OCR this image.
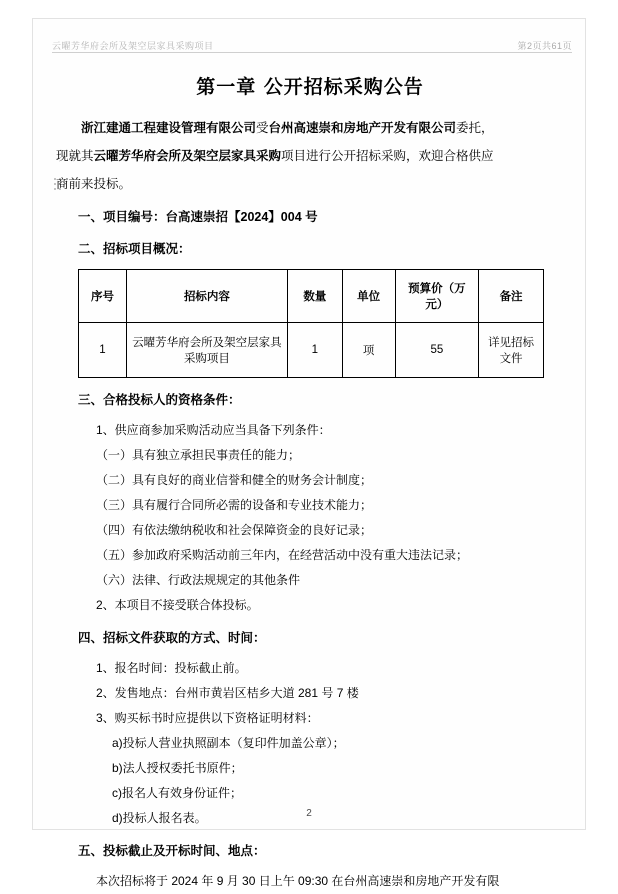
云曜芳华府会所及架空层家具采购项目	第2页共61页
第一章 公开招标采购公告

浙江建通工程建设管理有限公司受台州高速崇和房地产开发有限公司委托，

现就其云曜芳华府会所及架空层家具采购项目进行公开招标采购，欢迎合格供应

商前来投标。

一、项目编号：台高速崇招【2024】004 号
二、招标项目概况：
序号	招标内容	数量	单位	预算价（万元）	备注
1	云曜芳华府会所及架空层家具采购项目	1	项	55	详见招标文件
三、合格投标人的资格条件：

1、供应商参加采购活动应当具备下列条件：

（一）具有独立承担民事责任的能力；

（二）具有良好的商业信誉和健全的财务会计制度；

（三）具有履行合同所必需的设备和专业技术能力；

（四）有依法缴纳税收和社会保障资金的良好记录；

（五）参加政府采购活动前三年内，在经营活动中没有重大违法记录；

（六）法律、行政法规规定的其他条件

2、本项目不接受联合体投标。

四、招标文件获取的方式、时间：

1、报名时间：投标截止前。

2、发售地点：台州市黄岩区桔乡大道 281 号 7 楼

3、购买标书时应提供以下资格证明材料：

a)投标人营业执照副本（复印件加盖公章）；

b)法人授权委托书原件；

c)报名人有效身份证件；

d)投标人报名表。

五、投标截止及开标时间、地点：

本次招标将于 2024 年 9 月 30 日上午 09:30 在台州高速崇和房地产开发有限

2
